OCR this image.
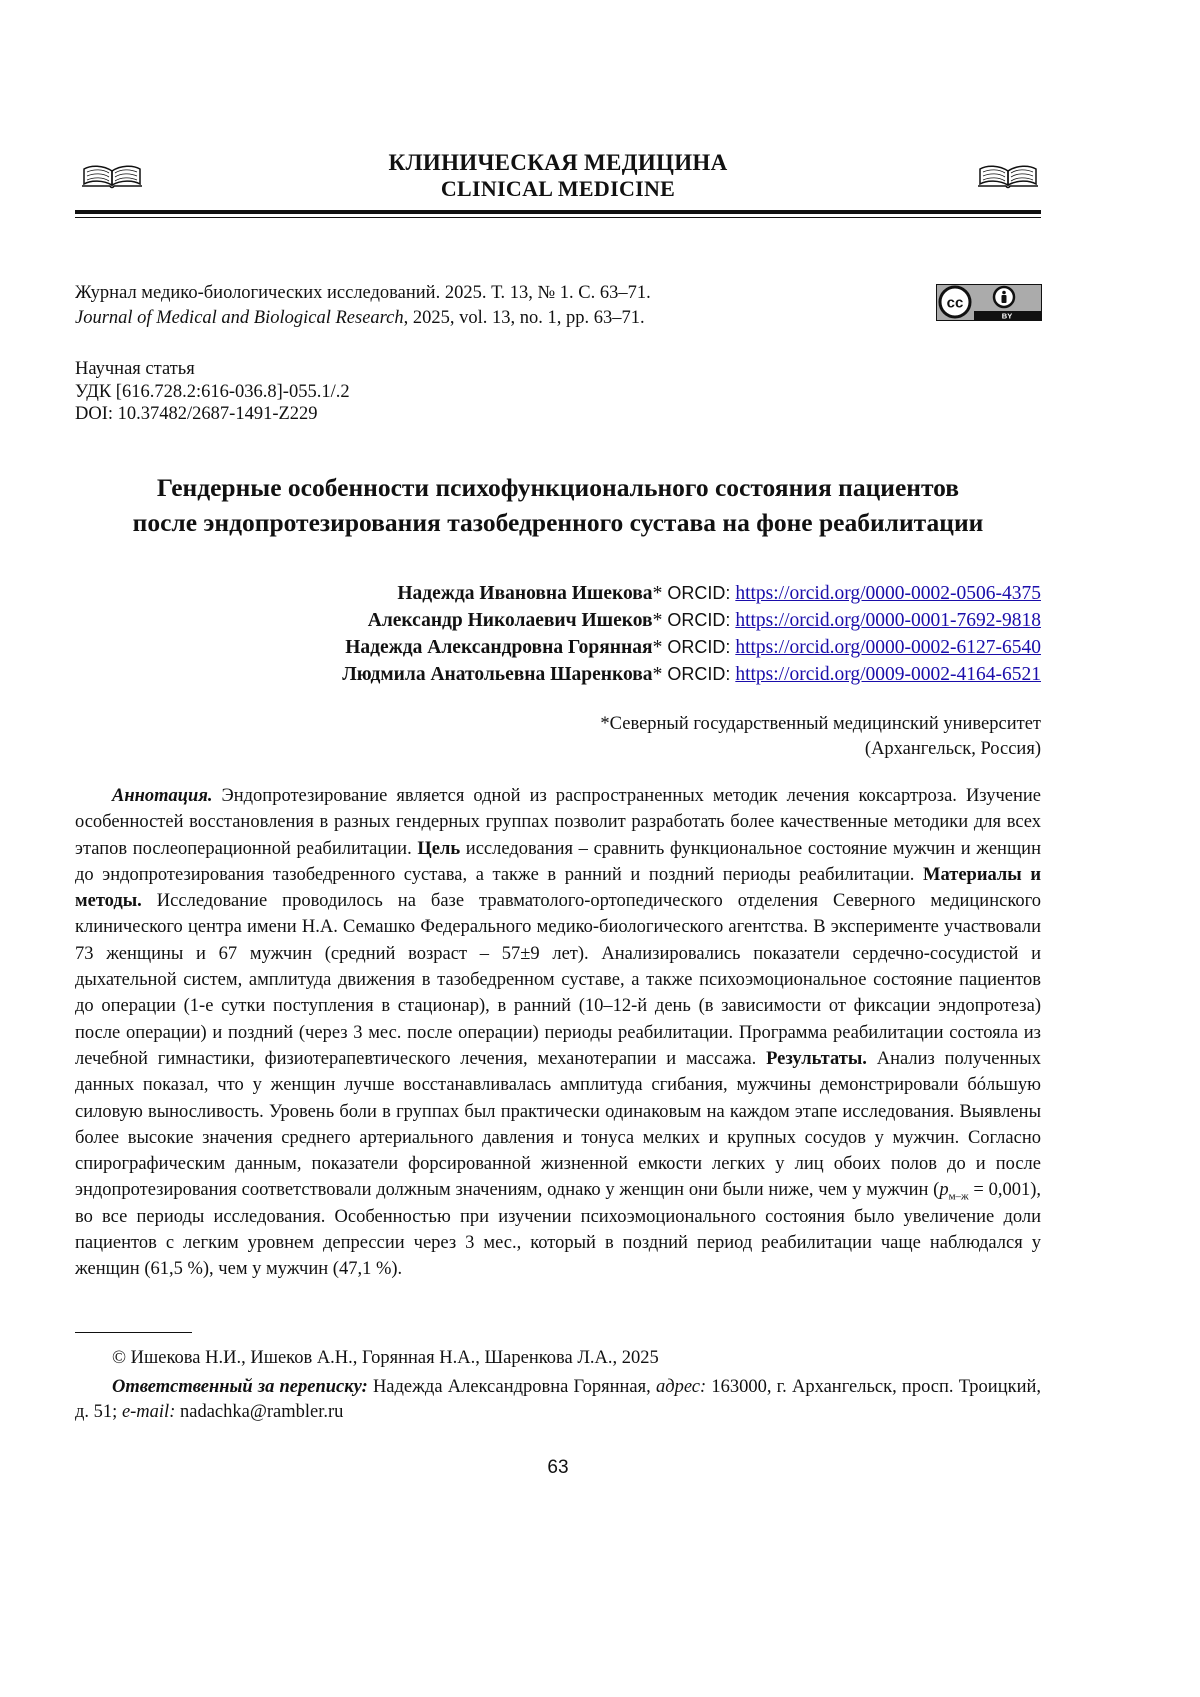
КЛИНИЧЕСКАЯ МЕДИЦИНА
CLINICAL MEDICINE
Журнал медико-биологических исследований. 2025. Т. 13, № 1. С. 63–71.
Journal of Medical and Biological Research, 2025, vol. 13, no. 1, pp. 63–71.
cc
BY
Научная статья
УДК [616.728.2:616-036.8]-055.1/.2
DOI: 10.37482/2687-1491-Z229
Гендерные особенности психофункционального состояния пациентов
после эндопротезирования тазобедренного сустава на фоне реабилитации
Надежда Ивановна Ишекова* ORCID: https://orcid.org/0000-0002-0506-4375
Александр Николаевич Ишеков* ORCID: https://orcid.org/0000-0001-7692-9818
Надежда Александровна Горянная* ORCID: https://orcid.org/0000-0002-6127-6540
Людмила Анатольевна Шаренкова* ORCID: https://orcid.org/0009-0002-4164-6521
*Северный государственный медицинский университет
(Архангельск, Россия)
Аннотация. Эндопротезирование является одной из распространенных методик лечения коксартроза. Изучение особенностей восстановления в разных гендерных группах позволит разработать более качественные методики для всех этапов послеоперационной реабилитации. Цель исследования – сравнить функциональное состояние мужчин и женщин до эндопротезирования тазобедренного сустава, а также в ранний и поздний периоды реабилитации. Материалы и методы. Исследование проводилось на базе травматолого-ортопедического отделения Северного медицинского клинического центра имени Н.А. Семашко Федерального медико-биологического агентства. В эксперименте участвовали 73 женщины и 67 мужчин (средний возраст – 57±9 лет). Анализировались показатели сердечно-сосудистой и дыхательной систем, амплитуда движения в тазобедренном суставе, а также психоэмоциональное состояние пациентов до операции (1-е сутки поступления в стационар), в ранний (10–12-й день (в зависимости от фиксации эндопротеза) после операции) и поздний (через 3 мес. после операции) периоды реабилитации. Программа реабилитации состояла из лечебной гимнастики, физиотерапевтического лечения, механотерапии и массажа. Результаты. Анализ полученных данных показал, что у женщин лучше восстанавливалась амплитуда сгибания, мужчины демонстрировали бóльшую силовую выносливость. Уровень боли в группах был практически одинаковым на каждом этапе исследования. Выявлены более высокие значения среднего артериального давления и тонуса мелких и крупных сосудов у мужчин. Согласно спирографическим данным, показатели форсированной жизненной емкости легких у лиц обоих полов до и после эндопротезирования соответствовали должным значениям, однако у женщин они были ниже, чем у мужчин $(p_{м-ж} = 0,001)$, во все периоды исследования. Особенностью при изучении психоэмоционального состояния было увеличение доли пациентов с легким уровнем депрессии через 3 мес., который в поздний период реабилитации чаще наблюдался у женщин (61,5 %), чем у мужчин (47,1 %).
© Ишекова Н.И., Ишеков А.Н., Горянная Н.А., Шаренкова Л.А., 2025
Ответственный за переписку: Надежда Александровна Горянная, адрес: 163000, г. Архангельск, просп. Троицкий, д. 51; e-mail: nadachka@rambler.ru
63
